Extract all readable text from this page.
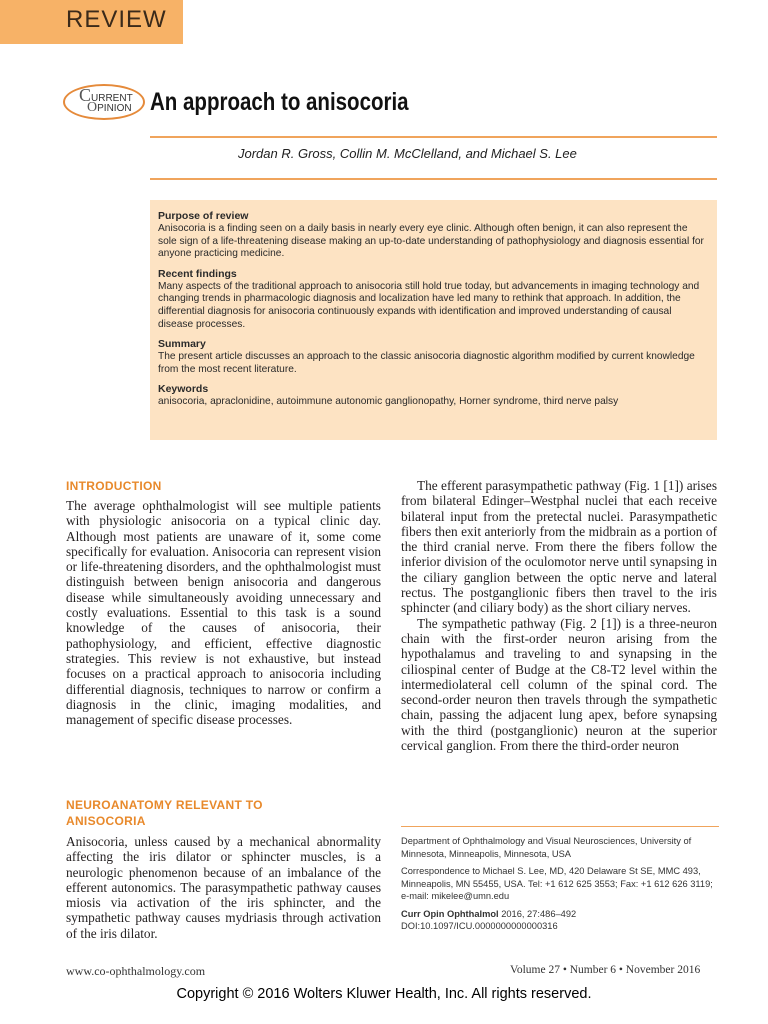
REVIEW
CURRENT
OPINION An approach to anisocoria
Jordan R. Gross, Collin M. McClelland, and Michael S. Lee
Purpose of review

Anisocoria is a finding seen on a daily basis in nearly every eye clinic. Although often benign, it can also represent the sole sign of a life-threatening disease making an up-to-date understanding of pathophysiology and diagnosis essential for anyone practicing medicine.

Recent findings

Many aspects of the traditional approach to anisocoria still hold true today, but advancements in imaging technology and changing trends in pharmacologic diagnosis and localization have led many to rethink that approach. In addition, the differential diagnosis for anisocoria continuously expands with identification and improved understanding of causal disease processes.

Summary

The present article discusses an approach to the classic anisocoria diagnostic algorithm modified by current knowledge from the most recent literature.

Keywords

anisocoria, apraclonidine, autoimmune autonomic ganglionopathy, Horner syndrome, third nerve palsy

INTRODUCTION

The average ophthalmologist will see multiple patients with physiologic anisocoria on a typical clinic day. Although most patients are unaware of it, some come specifically for evaluation. Anisocoria can represent vision or life-threatening disorders, and the ophthalmologist must distinguish between benign anisocoria and dangerous disease while simultaneously avoiding unnecessary and costly evaluations. Essential to this task is a sound knowledge of the causes of anisocoria, their pathophysiology, and efficient, effective diagnostic strategies. This review is not exhaustive, but instead focuses on a practical approach to anisocoria including differential diagnosis, techniques to narrow or confirm a diagnosis in the clinic, imaging modalities, and management of specific disease processes.

NEUROANATOMY RELEVANT TO
ANISOCORIA

Anisocoria, unless caused by a mechanical abnormality affecting the iris dilator or sphincter muscles, is a neurologic phenomenon because of an imbalance of the efferent autonomics. The parasympathetic pathway causes miosis via activation of the iris sphincter, and the sympathetic pathway causes mydriasis through activation of the iris dilator.

The efferent parasympathetic pathway (Fig. 1 [1]) arises from bilateral Edinger–Westphal nuclei that each receive bilateral input from the pretectal nuclei. Parasympathetic fibers then exit anteriorly from the midbrain as a portion of the third cranial nerve. From there the fibers follow the inferior division of the oculomotor nerve until synapsing in the ciliary ganglion between the optic nerve and lateral rectus. The postganglionic fibers then travel to the iris sphincter (and ciliary body) as the short ciliary nerves.

The sympathetic pathway (Fig. 2 [1]) is a three-neuron chain with the first-order neuron arising from the hypothalamus and traveling to and synapsing in the ciliospinal center of Budge at the C8-T2 level within the intermediolateral cell column of the spinal cord. The second-order neuron then travels through the sympathetic chain, passing the adjacent lung apex, before synapsing with the third (postganglionic) neuron at the superior cervical ganglion. From there the third-order neuron

Department of Ophthalmology and Visual Neurosciences, University of Minnesota, Minneapolis, Minnesota, USA

Correspondence to Michael S. Lee, MD, 420 Delaware St SE, MMC 493, Minneapolis, MN 55455, USA. Tel: +1 612 625 3553; Fax: +1 612 626 3119; e-mail: mikelee@umn.edu

Curr Opin Ophthalmol 2016, 27:486–492

DOI:10.1097/ICU.0000000000000316

www.co-ophthalmology.com	Volume 27 • Number 6 • November 2016
Copyright © 2016 Wolters Kluwer Health, Inc. All rights reserved.
